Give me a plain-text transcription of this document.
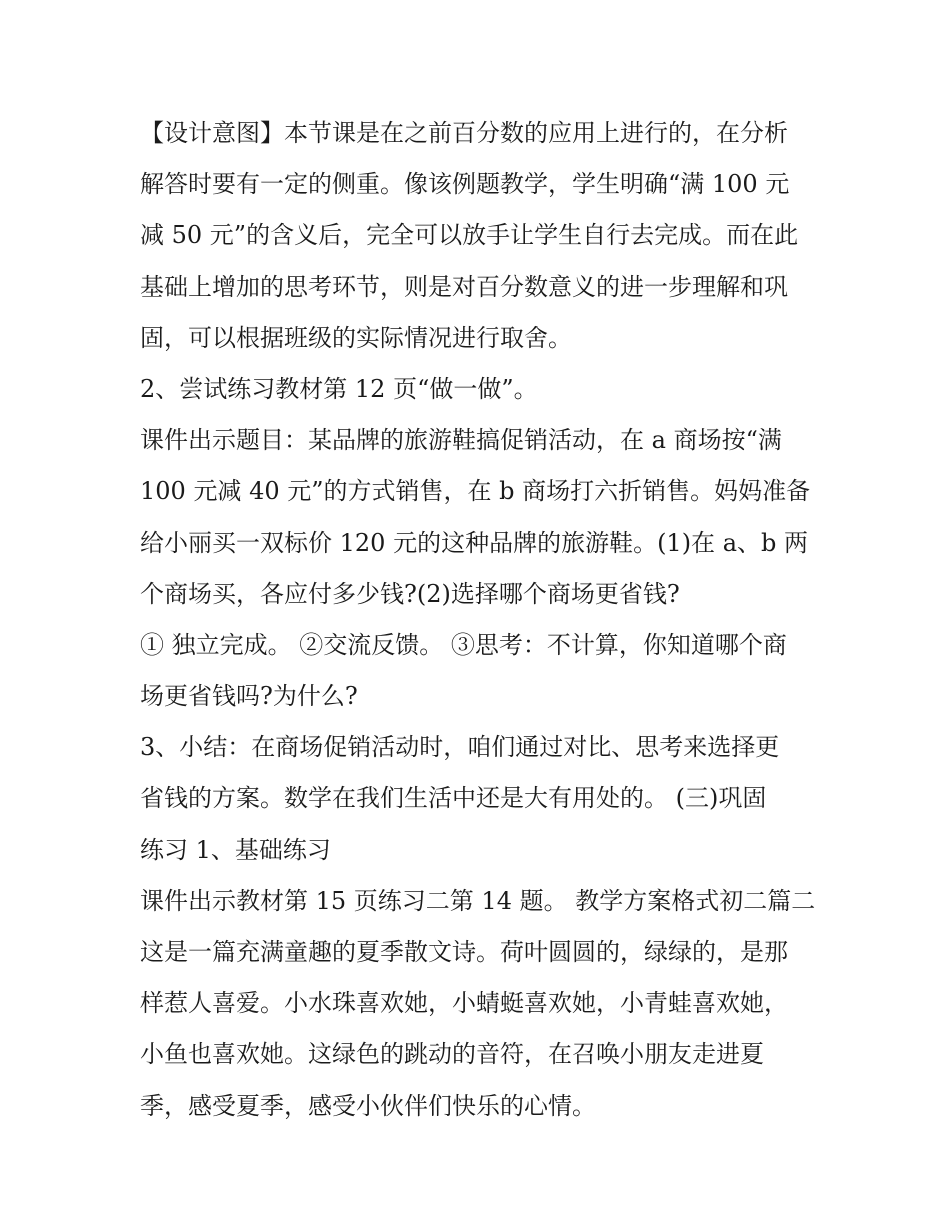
【设计意图】本节课是在之前百分数的应用上进行的，在分析
解答时要有一定的侧重。像该例题教学，学生明确“满 100 元
减 50 元”的含义后，完全可以放手让学生自行去完成。而在此
基础上增加的思考环节，则是对百分数意义的进一步理解和巩
固，可以根据班级的实际情况进行取舍。
2、尝试练习教材第 12 页“做一做”。
课件出示题目：某品牌的旅游鞋搞促销活动，在 a 商场按“满
100 元减 40 元”的方式销售，在 b 商场打六折销售。妈妈准备
给小丽买一双标价 120 元的这种品牌的旅游鞋。(1)在 a、b 两
个商场买，各应付多少钱?(2)选择哪个商场更省钱?
① 独立完成。 ②交流反馈。 ③思考：不计算，你知道哪个商
场更省钱吗?为什么?
3、小结：在商场促销活动时，咱们通过对比、思考来选择更
省钱的方案。数学在我们生活中还是大有用处的。 (三)巩固
练习 1、基础练习
课件出示教材第 15 页练习二第 14 题。 教学方案格式初二篇二
这是一篇充满童趣的夏季散文诗。荷叶圆圆的，绿绿的，是那
样惹人喜爱。小水珠喜欢她，小蜻蜓喜欢她，小青蛙喜欢她，
小鱼也喜欢她。这绿色的跳动的音符，在召唤小朋友走进夏
季，感受夏季，感受小伙伴们快乐的心情。
